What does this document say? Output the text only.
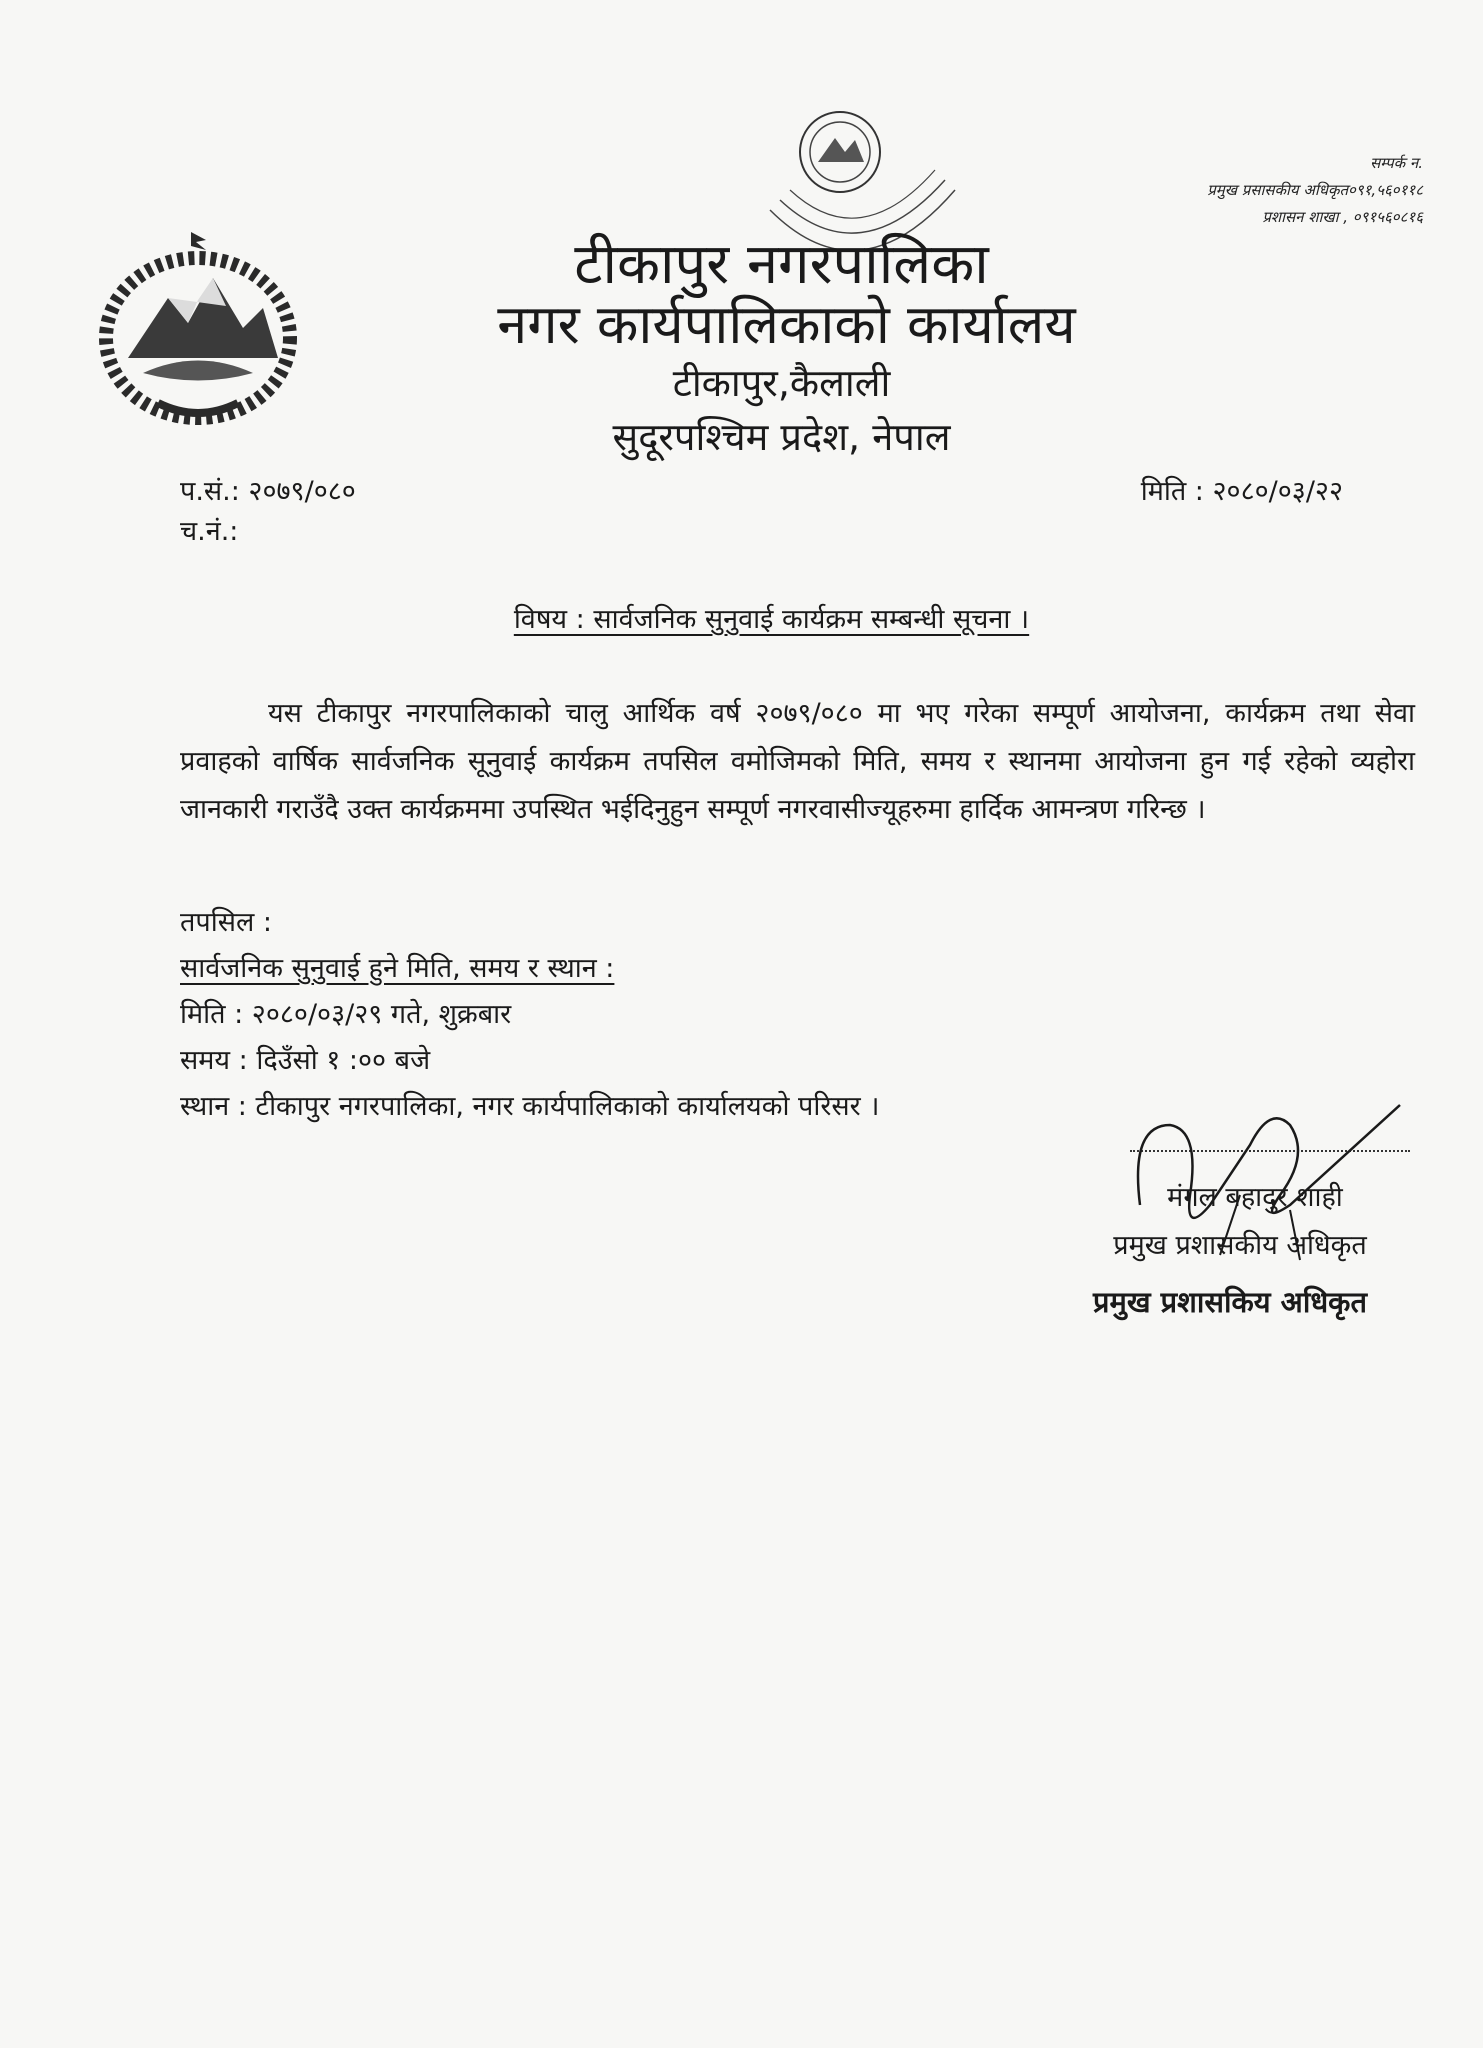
सम्पर्क न.
प्रमुख प्रसासकीय अधिकृत०९१,५६०११८
प्रशासन शाखा , ०९१५६०८१६
टीकापुर नगरपालिका
नगर कार्यपालिकाको कार्यालय
टीकापुर,कैलाली
सुदूरपश्चिम प्रदेश, नेपाल
प.सं.: २०७९/०८०
च.नं.:
मिति : २०८०/०३/२२
विषय : सार्वजनिक सुनुवाई कार्यक्रम सम्बन्धी सूचना ।
यस टीकापुर नगरपालिकाको चालु आर्थिक वर्ष २०७९/०८० मा भए गरेका सम्पूर्ण आयोजना, कार्यक्रम तथा सेवा प्रवाहको वार्षिक सार्वजनिक सूनुवाई कार्यक्रम तपसिल वमोजिमको मिति, समय र स्थानमा आयोजना हुन गई रहेको व्यहोरा जानकारी गराउँदै उक्त कार्यक्रममा उपस्थित भईदिनुहुन सम्पूर्ण नगरवासीज्यूहरुमा हार्दिक आमन्त्रण गरिन्छ ।
तपसिल :
सार्वजनिक सुनुवाई हुने मिति, समय र स्थान :
मिति : २०८०/०३/२९ गते, शुक्रबार
समय : दिउँसो १ :०० बजे
स्थान : टीकापुर नगरपालिका, नगर कार्यपालिकाको कार्यालयको परिसर ।
मंगल बहादुर शाही
प्रमुख प्रशासकीय अधिकृत
प्रमुख प्रशासकिय अधिकृत
